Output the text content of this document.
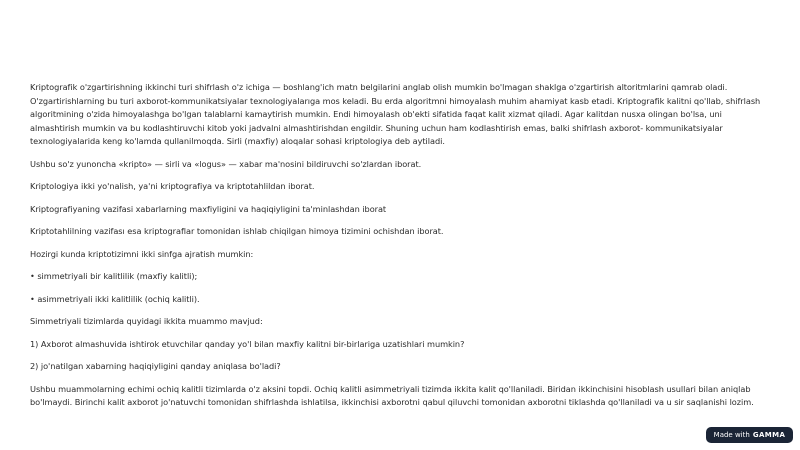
Kriptografik o'zgartirishning ikkinchi turi shifrlash o'z ichiga — boshlang'ich matn belgilarini anglab olish mumkin bo'lmagan shaklga o'zgartirish altoritmlarini qamrab oladi. O'zgartirishlarning bu turi axborot-kommunikatsiyalar texnologiyalarıga mos keladi. Bu erda algoritmni himoyalash muhim ahamiyat kasb etadi. Kriptografik kalitni qo'llab, shifrlash algoritmining o'zida himoyalashga bo'lgan talablarni kamaytirish mumkin. Endi himoyalash ob'ekti sifatida faqat kalit xizmat qiladi. Agar kalitdan nusxa olingan bo'lsa, uni almashtirish mumkin va bu kodlashtiruvchi kitob yoki jadvalni almashtirishdan engildir. Shuning uchun ham kodlashtirish emas, balki shifrlash axborot- kommunikatsiyalar texnologiyalarida keng ko'lamda qullanilmoqda. Sirli (maxfiy) aloqalar sohasi kriptologiya deb aytiladi.

Ushbu so'z yunoncha «kripto» — sirli va «logus» — xabar ma'nosini bildiruvchi so'zlardan iborat.

Kriptologiya ikki yo'nalish, ya'ni kriptografiya va kriptotahlildan iborat.

Kriptografiyaning vazifasi xabarlarning maxfiyligini va haqiqiyligini ta'minlashdan iborat

Kriptotahlilning vazifası esa kriptograflar tomonidan ishlab chiqilgan himoya tizimini ochishdan iborat.

Hozirgi kunda kriptotizimni ikki sinfga ajratish mumkin:

• simmetriyali bir kalitlilik (maxfiy kalitli);

• asimmetriyali ikki kalitlilik (ochiq kalitli).

Simmetriyali tizimlarda quyidagi ikkita muammo mavjud:

1) Axborot almashuvida ishtirok etuvchilar qanday yo'l bilan maxfiy kalitni bir-birlariga uzatishlari mumkin?

2) jo'natilgan xabarning haqiqiyligini qanday aniqlasa bo'ladi?

Ushbu muammolarning echimi ochiq kalitli tizimlarda o'z aksini topdi. Ochiq kalitli asimmetriyali tizimda ikkita kalit qo'llaniladi. Biridan ikkinchisini hisoblash usullari bilan aniqlab bo'lmaydi. Birinchi kalit axborot jo'natuvchi tomonidan shifrlashda ishlatilsa, ikkinchisi axborotni qabul qiluvchi tomonidan axborotni tiklashda qo'llaniladi va u sir saqlanishi lozim.

Made with GAMMA
